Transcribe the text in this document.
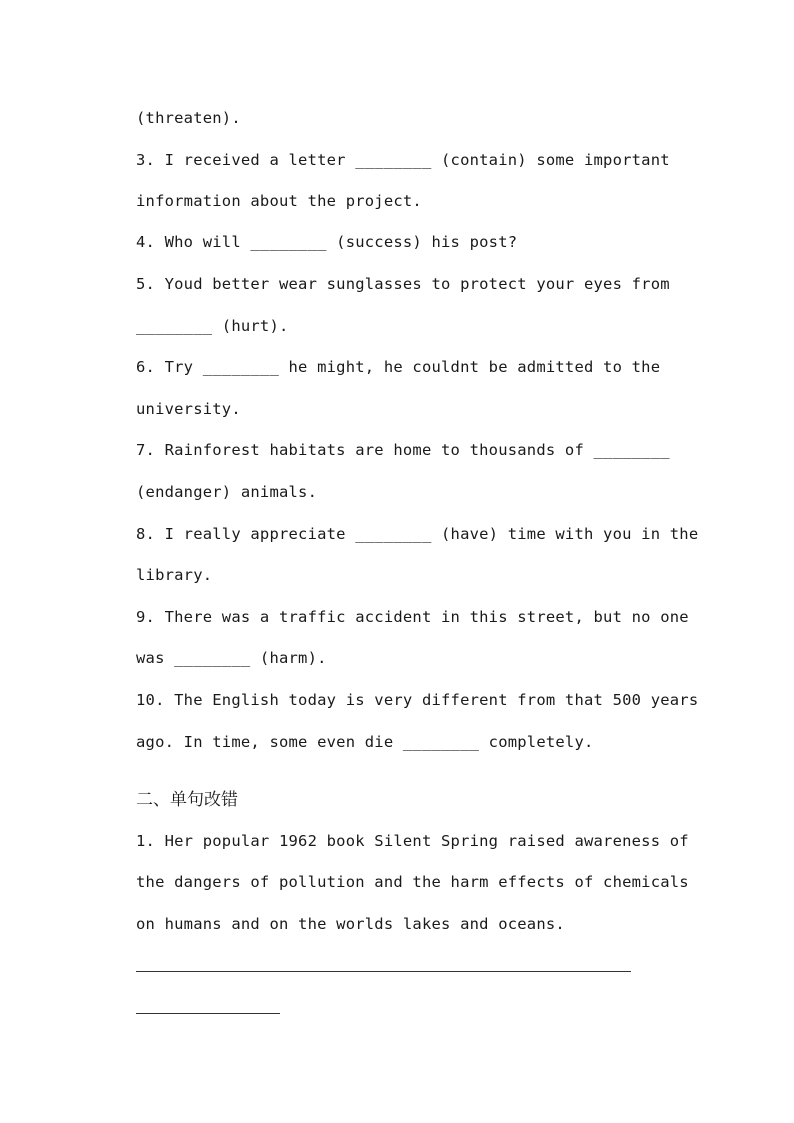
(threaten).
3. I received a letter ________ (contain) some important
information about the project.
4. Who will ________ (success) his post?
5. Youd better wear sunglasses to protect your eyes from
________ (hurt).
6. Try ________ he might, he couldnt be admitted to the
university.
7. Rainforest habitats are home to thousands of ________
(endanger) animals.
8. I really appreciate ________ (have) time with you in the
library.
9. There was a traffic accident in this street, but no one
was ________ (harm).
10. The English today is very different from that 500 years
ago. In time, some even die ________ completely.
二、单句改错
1. Her popular 1962 book Silent Spring raised awareness of
the dangers of pollution and the harm effects of chemicals
on humans and on the worlds lakes and oceans.
